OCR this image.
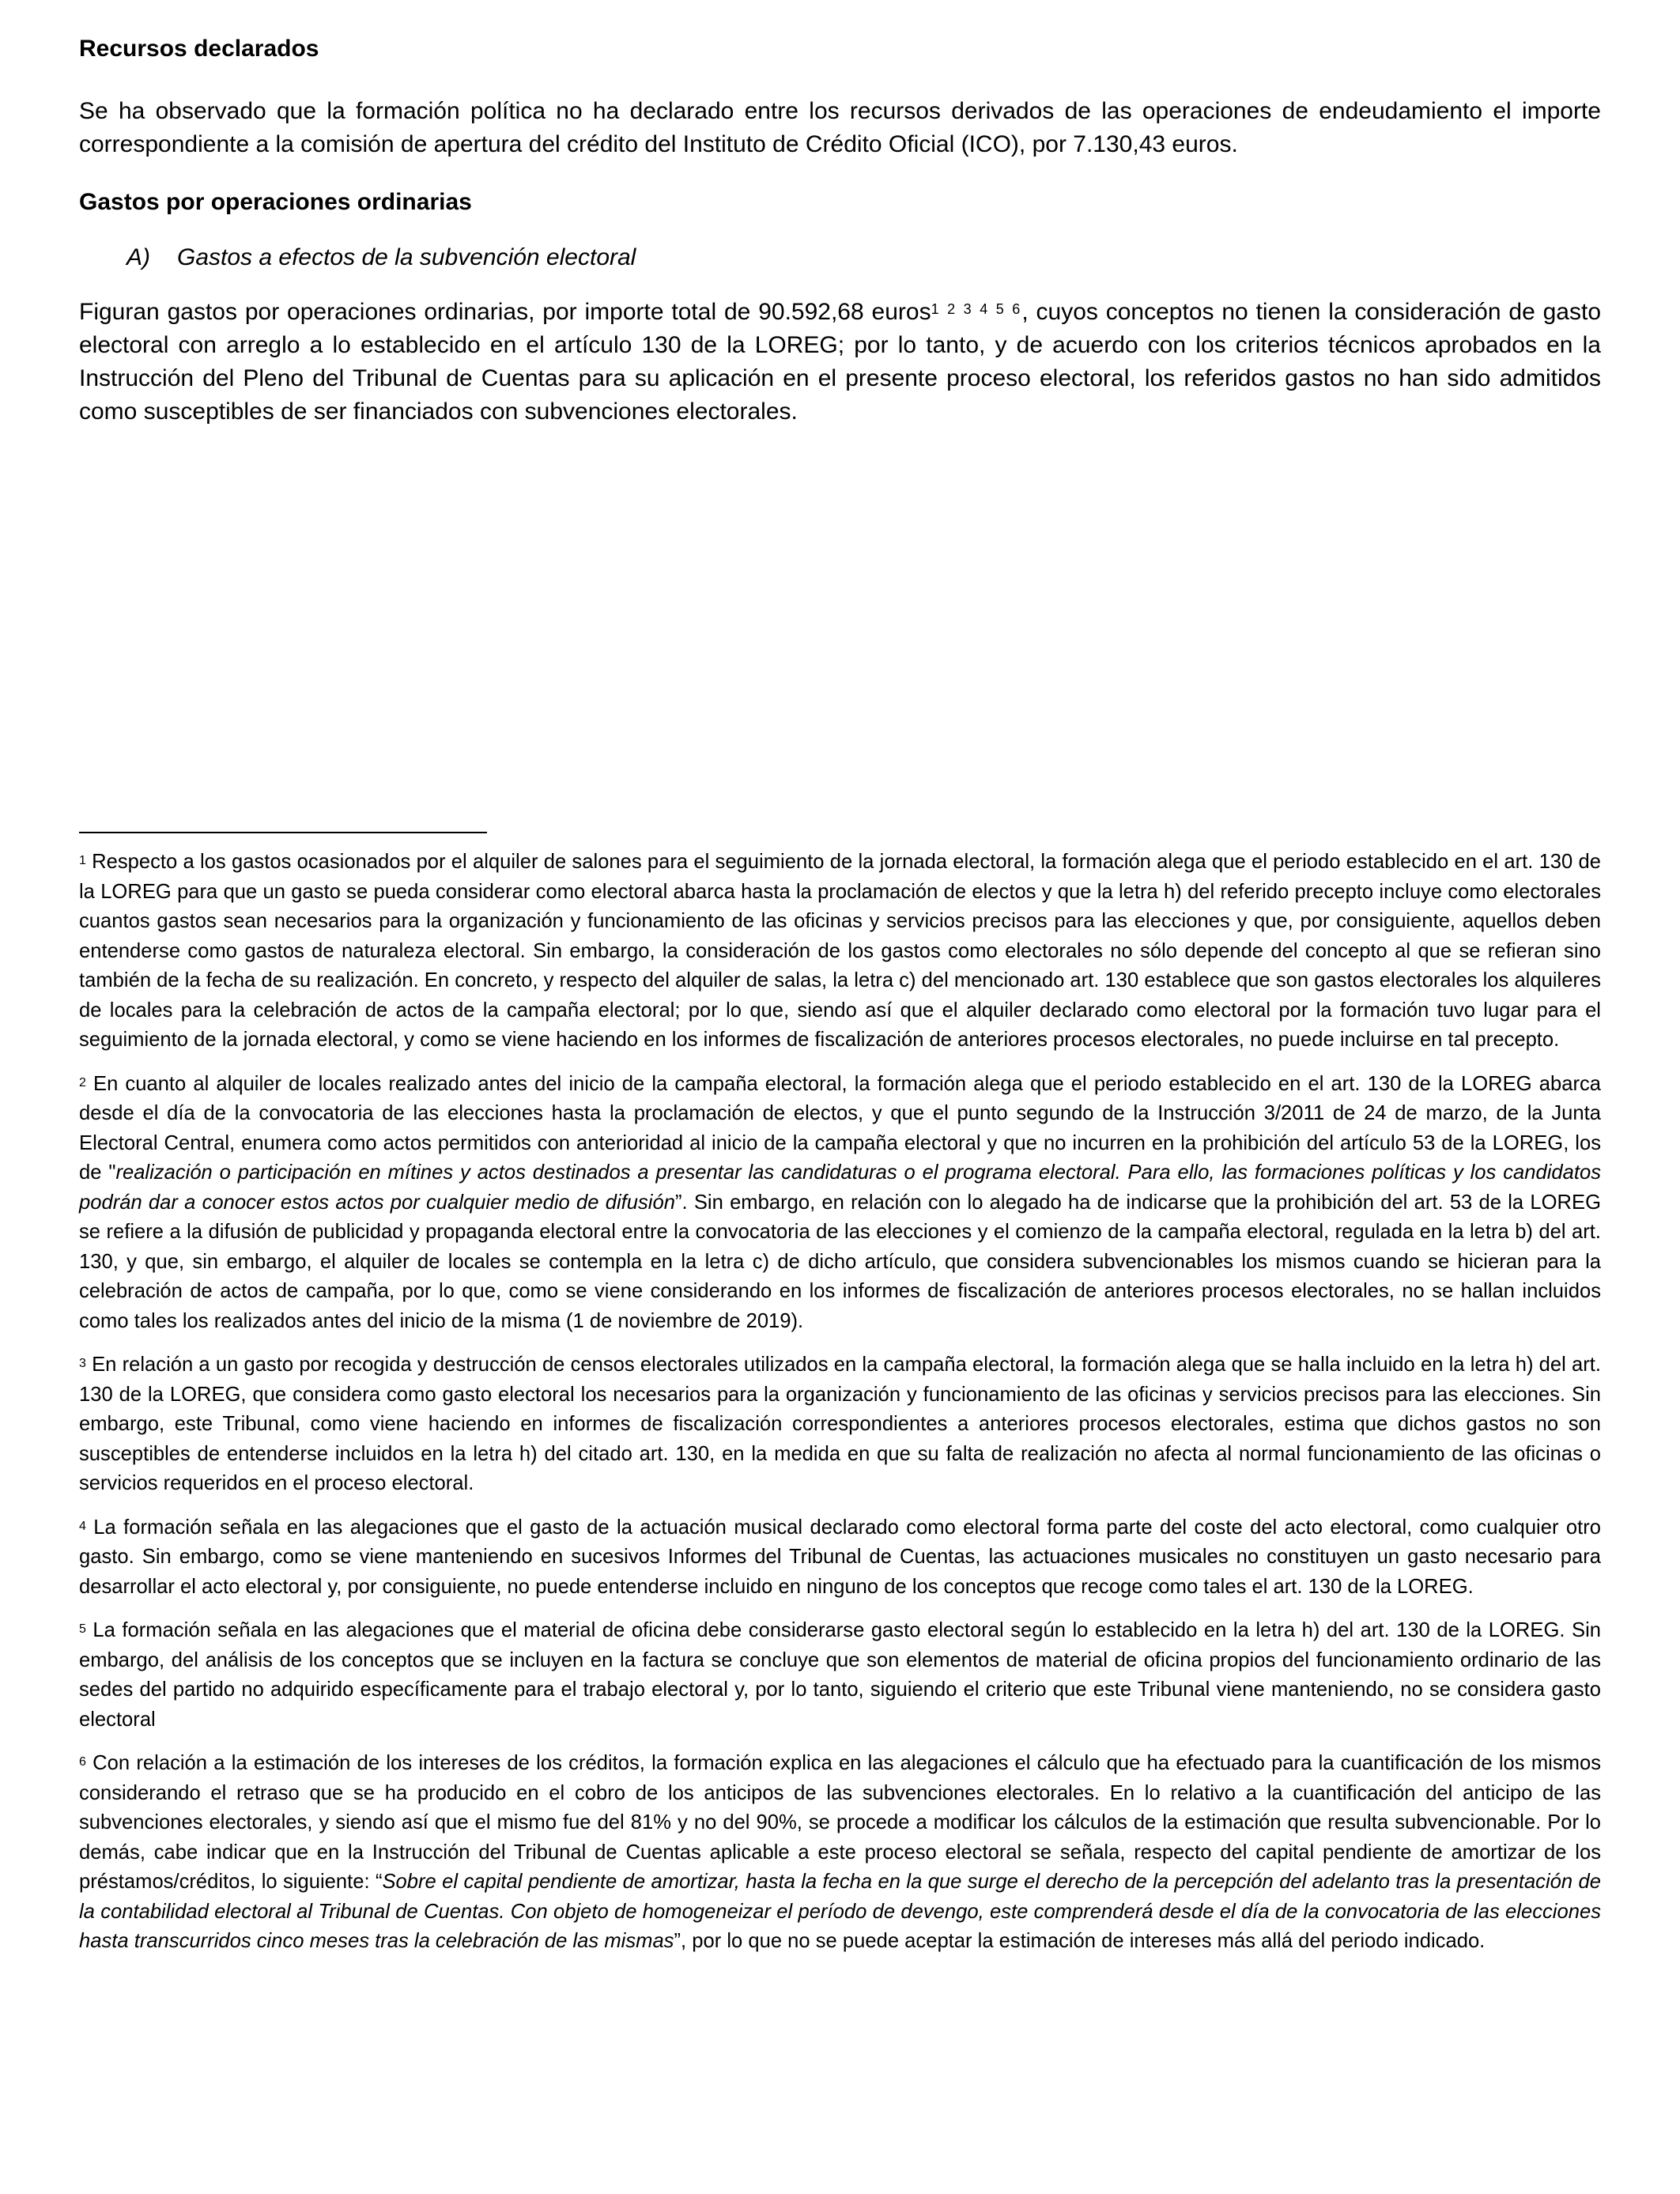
Recursos declarados

Se ha observado que la formación política no ha declarado entre los recursos derivados de las operaciones de endeudamiento el importe correspondiente a la comisión de apertura del crédito del Instituto de Crédito Oficial (ICO), por 7.130,43 euros.

Gastos por operaciones ordinarias

A) Gastos a efectos de la subvención electoral

Figuran gastos por operaciones ordinarias, por importe total de 90.592,68 euros$^{1 2 3 4 5 6}$, cuyos conceptos no tienen la consideración de gasto electoral con arreglo a lo establecido en el artículo 130 de la LOREG; por lo tanto, y de acuerdo con los criterios técnicos aprobados en la Instrucción del Pleno del Tribunal de Cuentas para su aplicación en el presente proceso electoral, los referidos gastos no han sido admitidos como susceptibles de ser financiados con subvenciones electorales.

$^1$ Respecto a los gastos ocasionados por el alquiler de salones para el seguimiento de la jornada electoral, la formación alega que el periodo establecido en el art. 130 de la LOREG para que un gasto se pueda considerar como electoral abarca hasta la proclamación de electos y que la letra h) del referido precepto incluye como electorales cuantos gastos sean necesarios para la organización y funcionamiento de las oficinas y servicios precisos para las elecciones y que, por consiguiente, aquellos deben entenderse como gastos de naturaleza electoral. Sin embargo, la consideración de los gastos como electorales no sólo depende del concepto al que se refieran sino también de la fecha de su realización. En concreto, y respecto del alquiler de salas, la letra c) del mencionado art. 130 establece que son gastos electorales los alquileres de locales para la celebración de actos de la campaña electoral; por lo que, siendo así que el alquiler declarado como electoral por la formación tuvo lugar para el seguimiento de la jornada electoral, y como se viene haciendo en los informes de fiscalización de anteriores procesos electorales, no puede incluirse en tal precepto.

$^2$ En cuanto al alquiler de locales realizado antes del inicio de la campaña electoral, la formación alega que el periodo establecido en el art. 130 de la LOREG abarca desde el día de la convocatoria de las elecciones hasta la proclamación de electos, y que el punto segundo de la Instrucción 3/2011 de 24 de marzo, de la Junta Electoral Central, enumera como actos permitidos con anterioridad al inicio de la campaña electoral y que no incurren en la prohibición del artículo 53 de la LOREG, los de "realización o participación en mítines y actos destinados a presentar las candidaturas o el programa electoral. Para ello, las formaciones políticas y los candidatos podrán dar a conocer estos actos por cualquier medio de difusión”. Sin embargo, en relación con lo alegado ha de indicarse que la prohibición del art. 53 de la LOREG se refiere a la difusión de publicidad y propaganda electoral entre la convocatoria de las elecciones y el comienzo de la campaña electoral, regulada en la letra b) del art. 130, y que, sin embargo, el alquiler de locales se contempla en la letra c) de dicho artículo, que considera subvencionables los mismos cuando se hicieran para la celebración de actos de campaña, por lo que, como se viene considerando en los informes de fiscalización de anteriores procesos electorales, no se hallan incluidos como tales los realizados antes del inicio de la misma (1 de noviembre de 2019).

$^3$ En relación a un gasto por recogida y destrucción de censos electorales utilizados en la campaña electoral, la formación alega que se halla incluido en la letra h) del art. 130 de la LOREG, que considera como gasto electoral los necesarios para la organización y funcionamiento de las oficinas y servicios precisos para las elecciones. Sin embargo, este Tribunal, como viene haciendo en informes de fiscalización correspondientes a anteriores procesos electorales, estima que dichos gastos no son susceptibles de entenderse incluidos en la letra h) del citado art. 130, en la medida en que su falta de realización no afecta al normal funcionamiento de las oficinas o servicios requeridos en el proceso electoral.

$^4$ La formación señala en las alegaciones que el gasto de la actuación musical declarado como electoral forma parte del coste del acto electoral, como cualquier otro gasto. Sin embargo, como se viene manteniendo en sucesivos Informes del Tribunal de Cuentas, las actuaciones musicales no constituyen un gasto necesario para desarrollar el acto electoral y, por consiguiente, no puede entenderse incluido en ninguno de los conceptos que recoge como tales el art. 130 de la LOREG.

$^5$ La formación señala en las alegaciones que el material de oficina debe considerarse gasto electoral según lo establecido en la letra h) del art. 130 de la LOREG. Sin embargo, del análisis de los conceptos que se incluyen en la factura se concluye que son elementos de material de oficina propios del funcionamiento ordinario de las sedes del partido no adquirido específicamente para el trabajo electoral y, por lo tanto, siguiendo el criterio que este Tribunal viene manteniendo, no se considera gasto electoral

$^6$ Con relación a la estimación de los intereses de los créditos, la formación explica en las alegaciones el cálculo que ha efectuado para la cuantificación de los mismos considerando el retraso que se ha producido en el cobro de los anticipos de las subvenciones electorales. En lo relativo a la cuantificación del anticipo de las subvenciones electorales, y siendo así que el mismo fue del 81% y no del 90%, se procede a modificar los cálculos de la estimación que resulta subvencionable. Por lo demás, cabe indicar que en la Instrucción del Tribunal de Cuentas aplicable a este proceso electoral se señala, respecto del capital pendiente de amortizar de los préstamos/créditos, lo siguiente: “Sobre el capital pendiente de amortizar, hasta la fecha en la que surge el derecho de la percepción del adelanto tras la presentación de la contabilidad electoral al Tribunal de Cuentas. Con objeto de homogeneizar el período de devengo, este comprenderá desde el día de la convocatoria de las elecciones hasta transcurridos cinco meses tras la celebración de las mismas”, por lo que no se puede aceptar la estimación de intereses más allá del periodo indicado.
